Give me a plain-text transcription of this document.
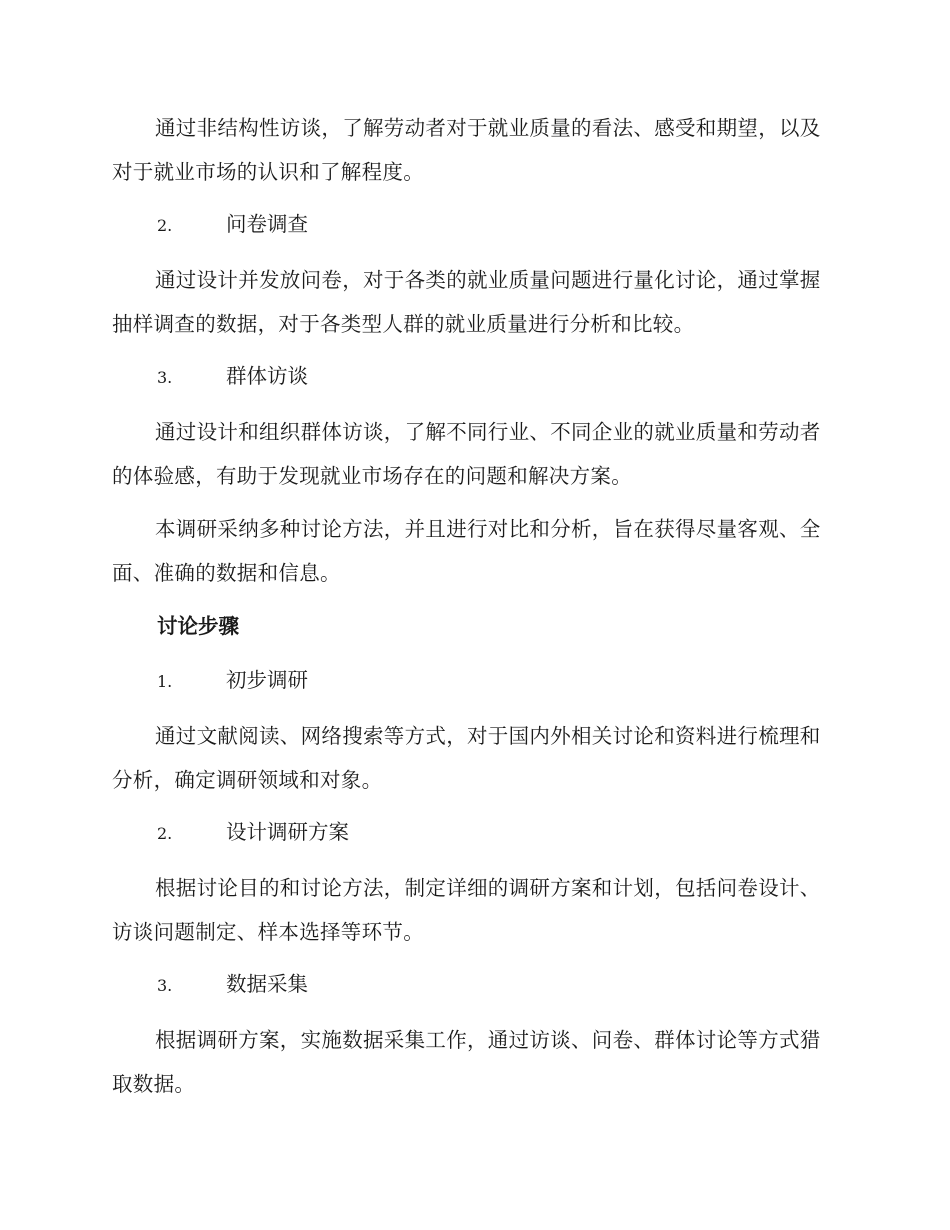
通过非结构性访谈，了解劳动者对于就业质量的看法、感受和期望，以及对于就业市场的认识和了解程度。

2.	问卷调查

通过设计并发放问卷，对于各类的就业质量问题进行量化讨论，通过掌握抽样调查的数据，对于各类型人群的就业质量进行分析和比较。

3.	群体访谈

通过设计和组织群体访谈，了解不同行业、不同企业的就业质量和劳动者的体验感，有助于发现就业市场存在的问题和解决方案。

本调研采纳多种讨论方法，并且进行对比和分析，旨在获得尽量客观、全面、准确的数据和信息。

讨论步骤

1.	初步调研

通过文献阅读、网络搜索等方式，对于国内外相关讨论和资料进行梳理和分析，确定调研领域和对象。

2.	设计调研方案

根据讨论目的和讨论方法，制定详细的调研方案和计划，包括问卷设计、访谈问题制定、样本选择等环节。

3.	数据采集

根据调研方案，实施数据采集工作，通过访谈、问卷、群体讨论等方式猎取数据。
